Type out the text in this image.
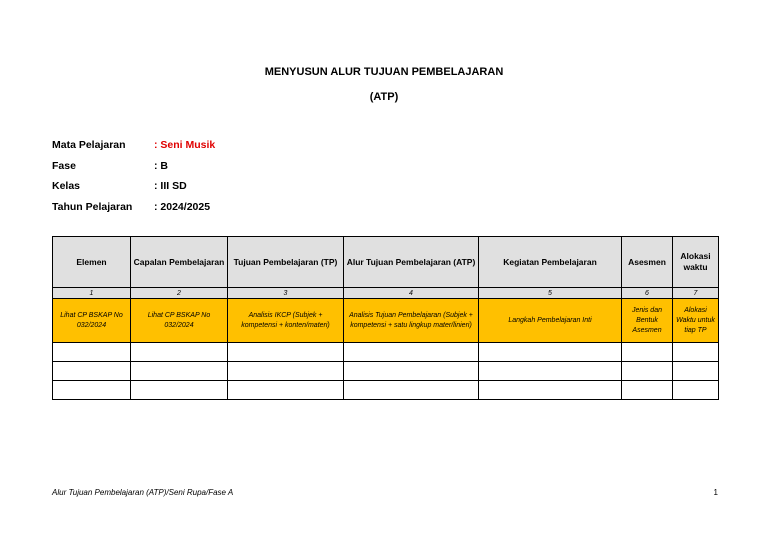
MENYUSUN ALUR TUJUAN PEMBELAJARAN
(ATP)
Mata Pelajaran	: Seni Musik
Fase	: B
Kelas	: III SD
Tahun Pelajaran	: 2024/2025
Elemen	Capalan Pembelajaran	Tujuan Pembelajaran (TP)	Alur Tujuan Pembelajaran (ATP)	Kegiatan Pembelajaran	Asesmen	Alokasi waktu
1	2	3	4	5	6	7
Lihat CP BSKAP No 032/2024	Lihat CP BSKAP No 032/2024	Analisis IKCP (Subjek + kompetensi + konten/materi)	Analisis Tujuan Pembelajaran (Subjek + kompetensi + satu lingkup mater/linieri)	Langkah Pembelajaran Inti	Jenis dan Bentuk Asesmen	Alokasi Waktu untuk tiap TP

Alur Tujuan Pembelajaran (ATP)/Seni Rupa/Fase A	1
